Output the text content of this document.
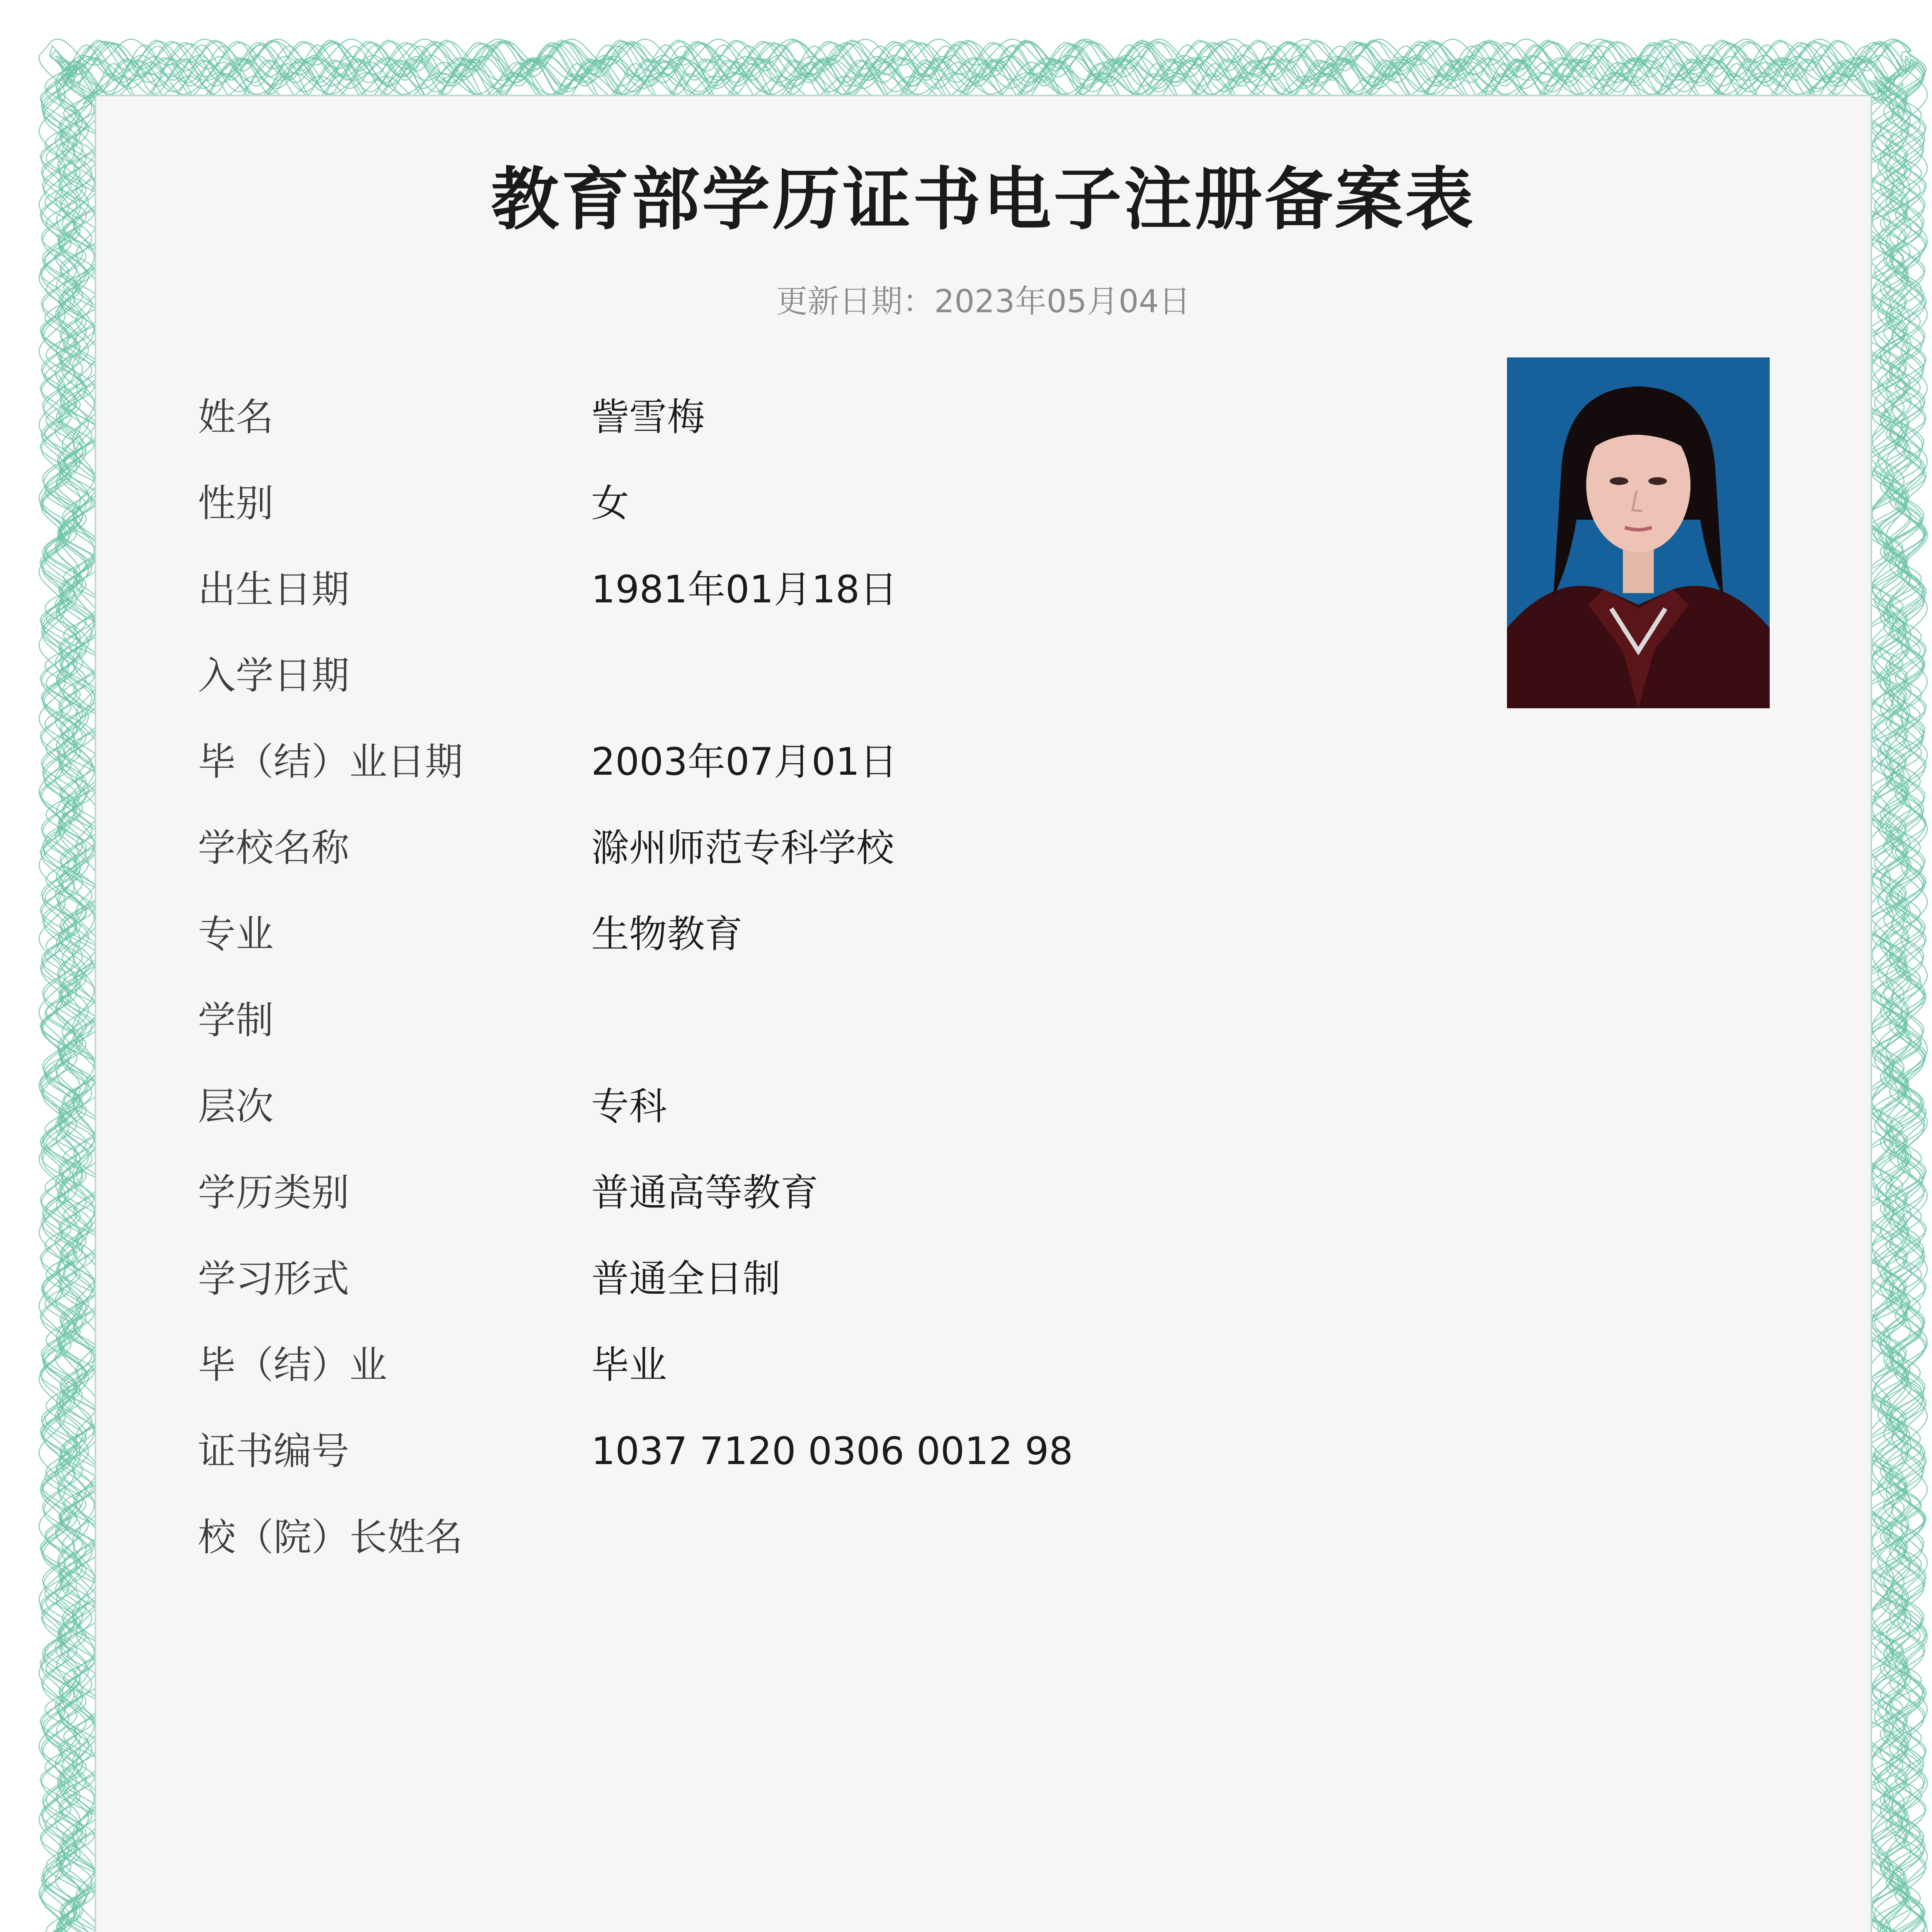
教育部学历证书电子注册备案表
更新日期：2023年05月04日
姓名	訾雪梅
性别	女
出生日期	1981年01月18日
入学日期
毕（结）业日期	2003年07月01日
学校名称	滁州师范专科学校
专业	生物教育
学制
层次	专科
学历类别	普通高等教育
学习形式	普通全日制
毕（结）业	毕业
证书编号	1037 7120 0306 0012 98
校（院）长姓名
